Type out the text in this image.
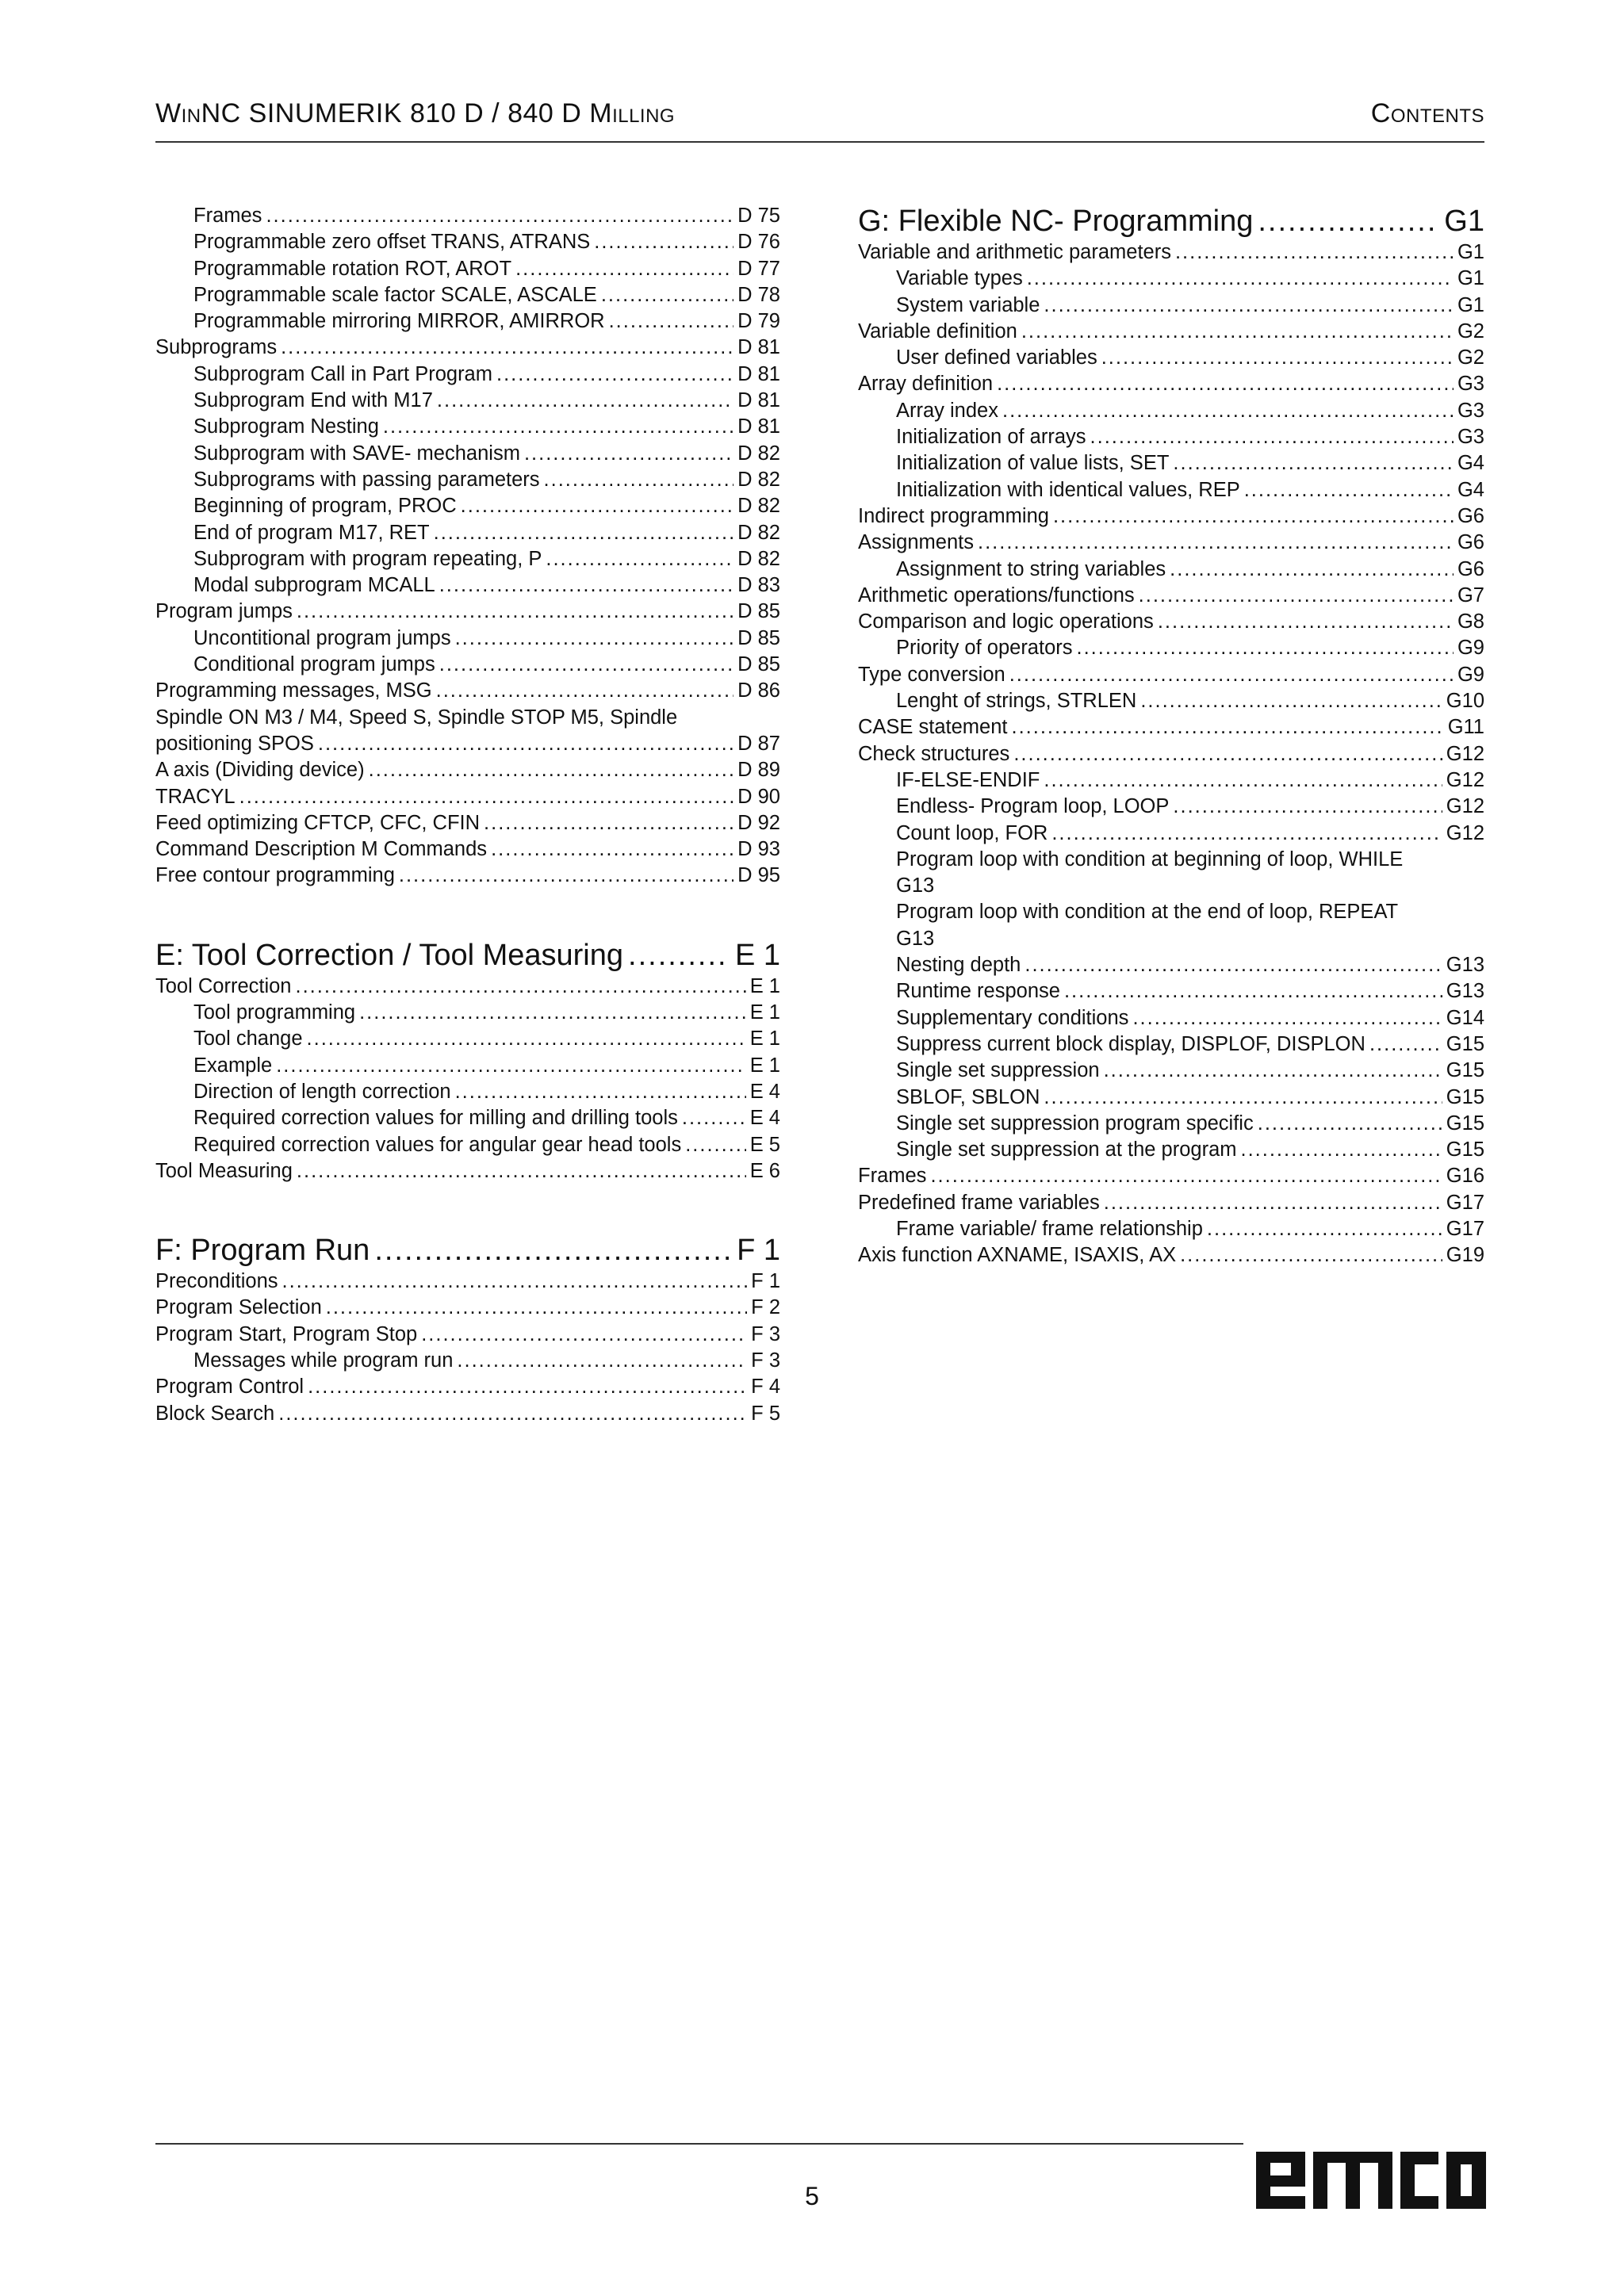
WinNC SINUMERIK 810 D / 840 D Milling	Contents
Frames .....	D 75
Programmable zero offset TRANS, ATRANS .....	D 76
Programmable rotation ROT, AROT .....	D 77
Programmable scale factor SCALE, ASCALE .....	D 78
Programmable mirroring MIRROR, AMIRROR .....	D 79
Subprograms .....	D 81
Subprogram Call in Part Program .....	D 81
Subprogram End with M17 .....	D 81
Subprogram Nesting .....	D 81
Subprogram with SAVE- mechanism .....	D 82
Subprograms with passing parameters .....	D 82
Beginning of program, PROC .....	D 82
End of program M17, RET .....	D 82
Subprogram with program repeating, P .....	D 82
Modal subprogram MCALL .....	D 83
Program jumps .....	D 85
Uncontitional program jumps .....	D 85
Conditional program jumps .....	D 85
Programming messages, MSG .....	D 86
Spindle ON M3 / M4, Speed S, Spindle STOP M5, Spindle
positioning SPOS .....	D 87
A axis (Dividing device) .....	D 89
TRACYL .....	D 90
Feed optimizing CFTCP, CFC, CFIN .....	D 92
Command Description M Commands .....	D 93
Free contour programming .....	D 95
E: Tool Correction / Tool Measuring .....	E 1
Tool Correction .....	E 1
Tool programming .....	E 1
Tool change .....	E 1
Example .....	E 1
Direction of length correction .....	E 4
Required correction values for milling and drilling tools .....	E 4
Required correction values for angular gear head tools .....	E 5
Tool Measuring .....	E 6
F: Program Run .....	F 1
Preconditions .....	F 1
Program Selection .....	F 2
Program Start, Program Stop .....	F 3
Messages while program run .....	F 3
Program Control .....	F 4
Block Search .....	F 5
G: Flexible NC- Programming .....	G1
Variable and arithmetic parameters .....	G1
Variable types .....	G1
System variable .....	G1
Variable definition .....	G2
User defined variables .....	G2
Array definition .....	G3
Array index .....	G3
Initialization of arrays .....	G3
Initialization of value lists, SET .....	G4
Initialization with identical values, REP .....	G4
Indirect programming .....	G6
Assignments .....	G6
Assignment to string variables .....	G6
Arithmetic operations/functions .....	G7
Comparison and logic operations .....	G8
Priority of operators .....	G9
Type conversion .....	G9
Lenght of strings, STRLEN .....	G10
CASE statement .....	G11
Check structures .....	G12
IF-ELSE-ENDIF .....	G12
Endless- Program loop, LOOP .....	G12
Count loop, FOR .....	G12
Program loop with condition at beginning of loop, WHILE
G13
Program loop with condition at the end of loop, REPEAT
G13
Nesting depth .....	G13
Runtime response .....	G13
Supplementary conditions .....	G14
Suppress current block display, DISPLOF, DISPLON .....	G15
Single set suppression .....	G15
SBLOF, SBLON .....	G15
Single set suppression program specific .....	G15
Single set suppression at the program .....	G15
Frames .....	G16
Predefined frame variables .....	G17
Frame variable/ frame relationship .....	G17
Axis function AXNAME, ISAXIS, AX .....	G19
5
